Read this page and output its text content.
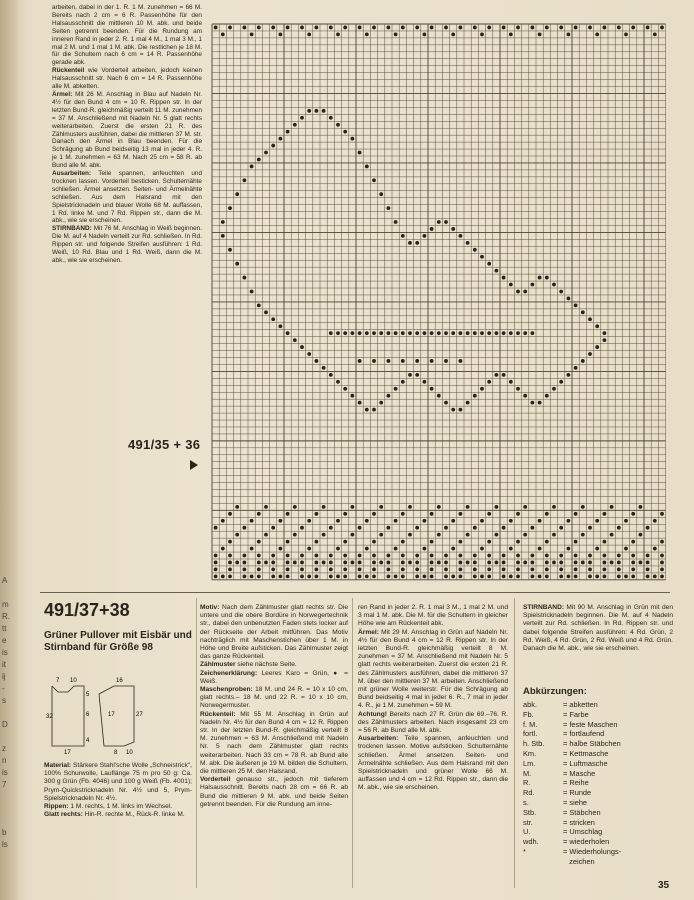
A

m
R.
tt
e
is
it
ij
-
s

D

z
n
is
7

b
ls
arbeiten, dabei in der 1. R. 1 M. zunehmen = 66 M. Bereits nach 2 cm = 6 R. Passenhöhe für den Halsausschnitt die mittleren 10 M. abk. und beide Seiten getrennt beenden. Für die Rundung am inneren Rand in jeder 2. R. 1 mal 4 M., 1 mal 3 M., 1 mal 2 M. und 1 mal 1 M. abk. Die restlichen je 18 M. für die Schultern nach 6 cm = 14 R. Passenhöhe gerade abk.
Rückenteil wie Vorderteil arbeiten, jedoch keinen Halsausschnitt str. Nach 6 cm = 14 R. Passenhöhe alle M. abketten.
Ärmel: Mit 26 M. Anschlag in Blau auf Nadeln Nr. 4½ für den Bund 4 cm = 10 R. Rippen str. In der letzten Bund-R. gleichmäßig verteilt 11 M. zunehmen = 37 M. Anschließend mit Nadeln Nr. 5 glatt rechts weiterarbeiten. Zuerst die ersten 21 R. des Zählmusters ausführen, dabei die mittleren 37 M. str. Danach den Ärmel in Blau beenden. Für die Schrägung ab Bund beidseitig 13 mal in jeder 4. R. je 1 M. zunehmen = 63 M. Nach 25 cm = 58 R. ab Bund alle M. abk.
Ausarbeiten: Teile spannen, anfeuchten und trocknen lassen. Vorderteil besticken. Schulternähte schließen. Ärmel ansetzen. Seiten- und Ärmelnähte schließen. Aus dem Halsrand mit den Spielstricknadeln und blauer Wolle 68 M. auffassen, 1 Rd. linke M. und 7 Rd. Rippen str., dann die M. abk., wie sie erscheinen.
STIRNBAND: Mit 76 M. Anschlag in Weiß beginnen. Die M. auf 4 Nadeln verteilt zur Rd. schließen. In Rd. Rippen str. und folgende Streifen ausführen: 1 Rd. Weiß, 10 Rd. Blau und 1 Rd. Weiß, dann die M. abk., wie sie erscheinen.
491/35 + 36
491/37+38
Grüner Pullover mit Eisbär und Stirnband für Größe 98
7 10	16
32
5
27
17
6	17
8 10
4
Material: Stärkere Stahl'sche Wolle „Schneistrick", 100% Schurwolle, Lauflänge 75 m pro 50 g: Ca. 300 g Grün (Fb. 4046) und 100 g Weiß (Fb. 4001); Prym-Quickstricknadeln Nr. 4½ und 5, Prym-Spielstricknadeln Nr. 4½.
Rippen: 1 M. rechts, 1 M. links im Wechsel.
Glatt rechts: Hin-R. rechte M., Rück-R. linke M.
Motiv: Nach dem Zählmuster glatt rechts str. Die untere und die obere Bordüre in Norwegertechnik str., dabei den unbenutzten Faden stets locker auf der Rückseite der Arbeit mitführen. Das Motiv nachträglich mit Maschenstichen über 1 M. in Höhe und Breite aufsticken. Das Zählmuster zeigt das ganze Rückenteil.
Zählmuster siehe nächste Seite.
Zeichenerklärung: Leeres Karo = Grün, ● = Weiß.
Maschenproben: 18 M. und 24 R. = 10 x 10 cm, glatt rechts.– 18 M. und 22 R. = 10 x 10 cm, Norwegermuster.
Rückenteil: Mit 55 M. Anschlag in Grün auf Nadeln Nr. 4½ für den Bund 4 cm = 12 R. Rippen str. In der letzten Bund-R. gleichmäßig verteilt 8 M. zunehmen = 63 M. Anschließend mit Nadeln Nr. 5 nach dem Zählmuster glatt rechts weiterarbeiten. Nach 33 cm = 78 R. ab Bund alle M. abk. Die äußeren je 19 M. bilden die Schultern, die mittleren 25 M. den Halsrand.
Vorderteil genauso str., jedoch mit tieferem Halsausschnitt. Bereits nach 28 cm = 66 R. ab Bund die mittleren 9 M. abk. und beide Seiten getrennt beenden. Für die Rundung am inne-
ren Rand in jeder 2. R. 1 mal 3 M., 1 mal 2 M. und 3 mal 1 M. abk. Die M. für die Schultern in gleicher Höhe wie am Rückenteil abk.
Ärmel: Mit 29 M. Anschlag in Grün auf Nadeln Nr. 4½ für den Bund 4 cm = 12 R. Rippen str. In der letzten Bund-R. gleichmäßig verteilt 8 M. zunehmen = 37 M. Anschließend mit Nadeln Nr. 5 glatt rechts weiterarbeiten. Zuerst die ersten 21 R. des Zählmusters ausführen, dabei die mittleren 37 M. über den mittleren 37 M. arbeiten. Anschließend mit grüner Wolle weiterstr. Für die Schrägung ab Bund beidseitig 4 mal in jeder 6. R., 7 mal in jeder 4. R., je 1 M. zunehmen = 59 M.
Achtung! Bereits nach 27 R. Grün die 69.–76. R. des Zählmusters arbeiten. Nach insgesamt 23 cm = 56 R. ab Bund alle M. abk.
Ausarbeiten: Teile spannen, anfeuchten und trocknen lassen. Motive aufsticken. Schulternähte schließen. Ärmel ansetzen. Seiten- und Ärmelnähte schließen. Aus dem Halsrand mit den Spielstricknadeln und grüner Wolle 66 M. auffassen und 4 cm = 12 Rd. Rippen str., dann die M. abk., wie sie erscheinen.
STIRNBAND: Mit 90 M. Anschlag in Grün mit den Spielstricknadeln beginnen. Die M. auf 4 Nadeln verteilt zur Rd. schließen. In Rd. Rippen str. und dabei folgende Streifen ausführen: 4 Rd. Grün, 2 Rd. Weiß, 4 Rd. Grün, 2 Rd. Weiß und 4 Rd. Grün. Danach die M. abk., wie sie erscheinen.
Abkürzungen:
abk.	= abketten
Fb.	= Farbe
f. M.	= feste Maschen
fortl.	= fortlaufend
h. Stb.	= halbe Stäbchen
Km.	= Kettmasche
Lm.	= Luftmasche
M.	= Masche
R.	= Reihe
Rd.	= Runde
s.	= siehe
Stb.	= Stäbchen
str.	= stricken
U.	= Umschlag
wdh.	= wiederholen
*	= Wiederholungs-
zeichen
35
